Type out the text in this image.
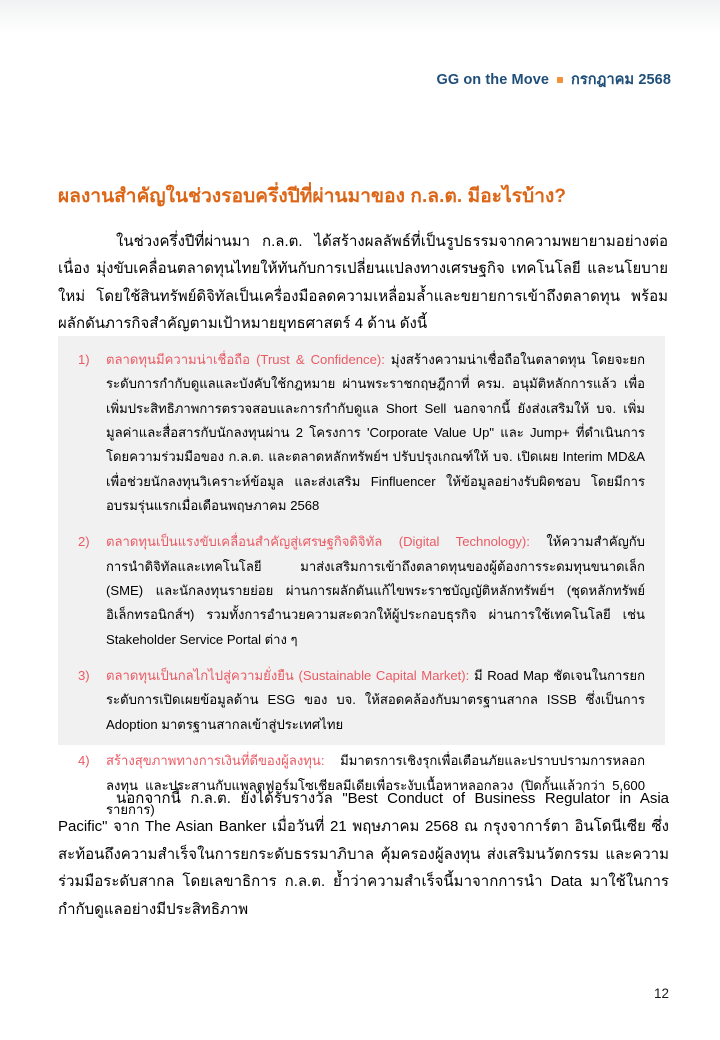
GG on the Move กรกฎาคม 2568
ผลงานสำคัญในช่วงรอบครึ่งปีที่ผ่านมาของ ก.ล.ต. มีอะไรบ้าง?

ในช่วงครึ่งปีที่ผ่านมา ก.ล.ต. ได้สร้างผลลัพธ์ที่เป็นรูปธรรมจากความพยายามอย่างต่อเนื่อง มุ่งขับเคลื่อนตลาดทุนไทยให้ทันกับการเปลี่ยนแปลงทางเศรษฐกิจ เทคโนโลยี และนโยบายใหม่ โดยใช้สินทรัพย์ดิจิทัลเป็นเครื่องมือลดความเหลื่อมล้ำและขยายการเข้าถึงตลาดทุน พร้อมผลักดันภารกิจสำคัญตามเป้าหมายยุทธศาสตร์ 4 ด้าน ดังนี้

1) ตลาดทุนมีความน่าเชื่อถือ (Trust & Confidence): มุ่งสร้างความน่าเชื่อถือในตลาดทุน โดยจะยกระดับการกำกับดูแลและบังคับใช้กฎหมาย ผ่านพระราชกฤษฎีกาที่ ครม. อนุมัติหลักการแล้ว เพื่อเพิ่มประสิทธิภาพการตรวจสอบและการกำกับดูแล Short Sell นอกจากนี้ ยังส่งเสริมให้ บจ. เพิ่มมูลค่าและสื่อสารกับนักลงทุนผ่าน 2 โครงการ 'Corporate Value Up" และ Jump+ ที่ดำเนินการโดยความร่วมมือของ ก.ล.ต. และตลาดหลักทรัพย์ฯ ปรับปรุงเกณฑ์ให้ บจ. เปิดเผย Interim MD&A เพื่อช่วยนักลงทุนวิเคราะห์ข้อมูล และส่งเสริม Finfluencer ให้ข้อมูลอย่างรับผิดชอบ โดยมีการอบรมรุ่นแรกเมื่อเดือนพฤษภาคม 2568
2) ตลาดทุนเป็นแรงขับเคลื่อนสำคัญสู่เศรษฐกิจดิจิทัล (Digital Technology): ให้ความสำคัญกับการนำดิจิทัลและเทคโนโลยี มาส่งเสริมการเข้าถึงตลาดทุนของผู้ต้องการระดมทุนขนาดเล็ก (SME) และนักลงทุนรายย่อย ผ่านการผลักดันแก้ไขพระราชบัญญัติหลักทรัพย์ฯ (ชุดหลักทรัพย์อิเล็กทรอนิกส์ฯ) รวมทั้งการอำนวยความสะดวกให้ผู้ประกอบธุรกิจ ผ่านการใช้เทคโนโลยี เช่น Stakeholder Service Portal ต่าง ๆ
3) ตลาดทุนเป็นกลไกไปสู่ความยั่งยืน (Sustainable Capital Market): มี Road Map ชัดเจนในการยกระดับการเปิดเผยข้อมูลด้าน ESG ของ บจ. ให้สอดคล้องกับมาตรฐานสากล ISSB ซึ่งเป็นการ Adoption มาตรฐานสากลเข้าสู่ประเทศไทย
4) สร้างสุขภาพทางการเงินที่ดีของผู้ลงทุน: มีมาตรการเชิงรุกเพื่อเตือนภัยและปราบปรามการหลอกลงทุน และประสานกับแพลตฟอร์มโซเชียลมีเดียเพื่อระงับเนื้อหาหลอกลวง (ปิดกั้นแล้วกว่า 5,600 รายการ)

นอกจากนี้ ก.ล.ต. ยังได้รับรางวัล "Best Conduct of Business Regulator in Asia Pacific" จาก The Asian Banker เมื่อวันที่ 21 พฤษภาคม 2568 ณ กรุงจาการ์ตา อินโดนีเซีย ซึ่งสะท้อนถึงความสำเร็จในการยกระดับธรรมาภิบาล คุ้มครองผู้ลงทุน ส่งเสริมนวัตกรรม และความร่วมมือระดับสากล โดยเลขาธิการ ก.ล.ต. ย้ำว่าความสำเร็จนี้มาจากการนำ Data มาใช้ในการกำกับดูแลอย่างมีประสิทธิภาพ

12
